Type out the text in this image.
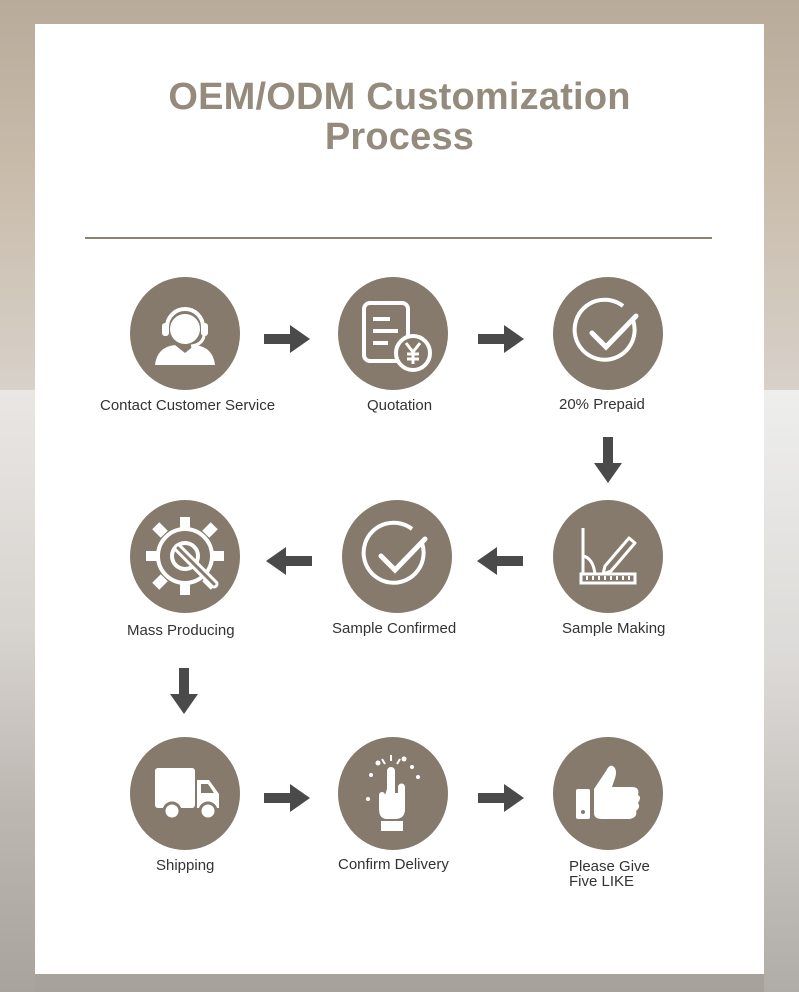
OEM/ODM Customization
Process
Contact Customer Service	Quotation	20% Prepaid
Mass Producing	Sample Confirmed	Sample Making
Shipping	Confirm Delivery	Please Give
Five LIKE
